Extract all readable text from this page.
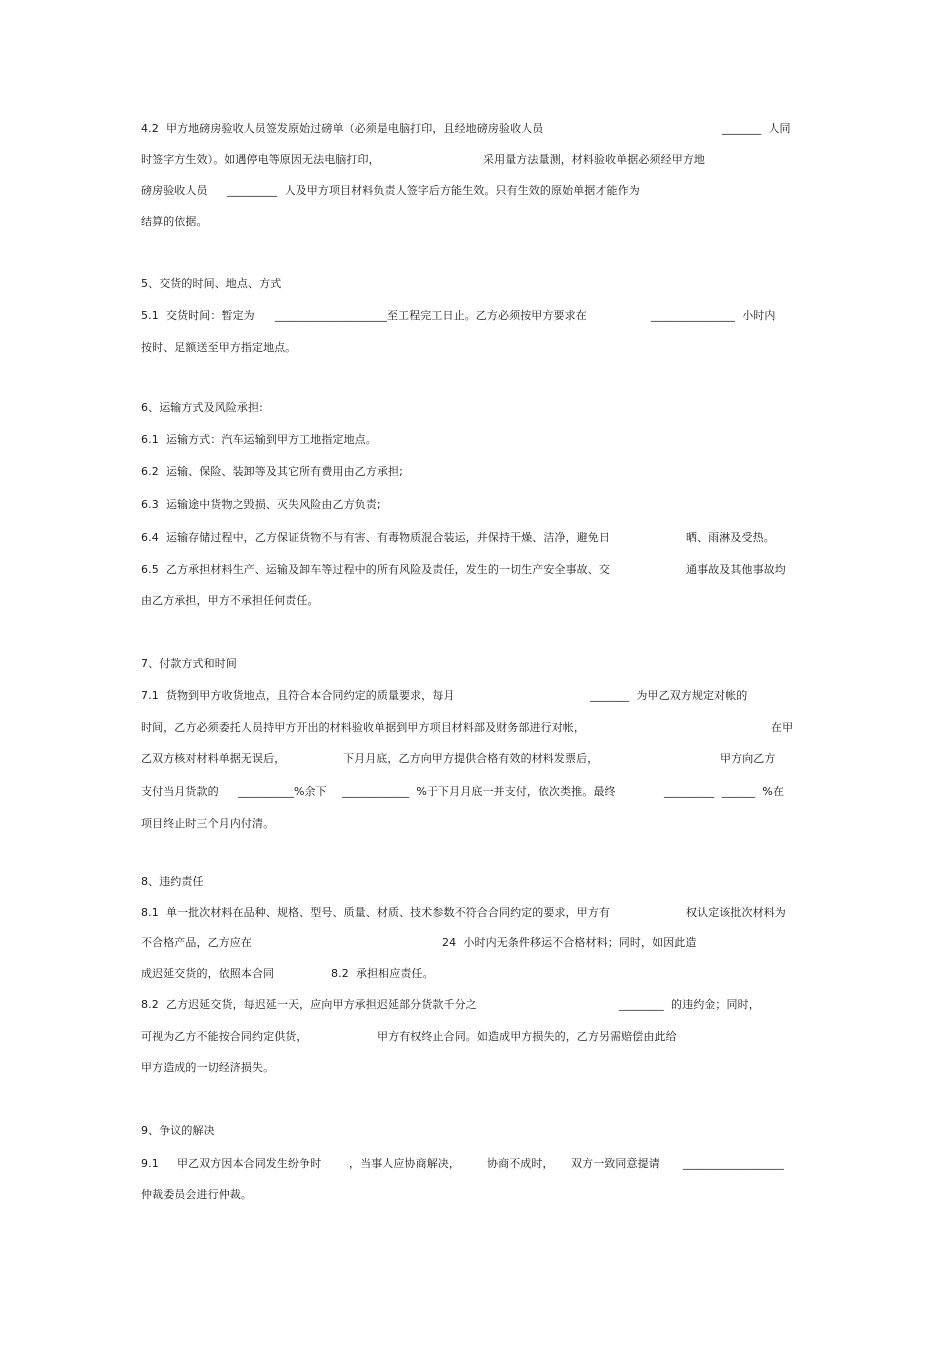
4.2  甲方地磅房验收人员签发原始过磅单（必须是电脑打印，且经地磅房验收人员	_______  人同

时签字方生效）。如遇停电等原因无法电脑打印，	采用量方法量测，材料验收单据必须经甲方地

磅房验收人员 _________  人及甲方项目材料负责人签字后方能生效。只有生效的原始单据才能作为

结算的依据。

5、交货的时间、地点、方式

5.1  交货时间：暂定为 ____________________至工程完工日止。乙方必须按甲方要求在	_______________  小时内

按时、足额送至甲方指定地点。

6、运输方式及风险承担:

6.1  运输方式：汽车运输到甲方工地指定地点。

6.2  运输、保险、装卸等及其它所有费用由乙方承担;

6.3  运输途中货物之毁损、灭失风险由乙方负责;

6.4  运输存储过程中，乙方保证货物不与有害、有毒物质混合装运，并保持干燥、洁净，避免日	晒、雨淋及受热。

6.5  乙方承担材料生产、运输及卸车等过程中的所有风险及责任，发生的一切生产安全事故、交	通事故及其他事故均

由乙方承担，甲方不承担任何责任。

7、付款方式和时间

7.1  货物到甲方收货地点，且符合本合同约定的质量要求，每月	_______  为甲乙双方规定对帐的

时间，乙方必须委托人员持甲方开出的材料验收单据到甲方项目材料部及财务部进行对帐，	在甲

乙双方核对材料单据无误后，	下月月底，乙方向甲方提供合格有效的材料发票后，	甲方向乙方

支付当月货款的 __________%余下 ____________  %于下月月底一并支付，依次类推。最终	_________  ______  %在

项目终止时三个月内付清。

8、违约责任

8.1  单一批次材料在品种、规格、型号、质量、材质、技术参数不符合合同约定的要求，甲方有	权认定该批次材料为

不合格产品，乙方应在	24  小时内无条件移运不合格材料；同时，如因此造

成迟延交货的，依照本合同	8.2  承担相应责任。

8.2  乙方迟延交货，每迟延一天，应向甲方承担迟延部分货款千分之	________  的违约金；同时，

可视为乙方不能按合同约定供货，	甲方有权终止合同。如造成甲方损失的，乙方另需赔偿由此给

甲方造成的一切经济损失。

9、争议的解决

9.1 甲乙双方因本合同发生纷争时	，当事人应协商解决， 协商不成时， 双方一致同意提请 __________________

仲裁委员会进行仲裁。
